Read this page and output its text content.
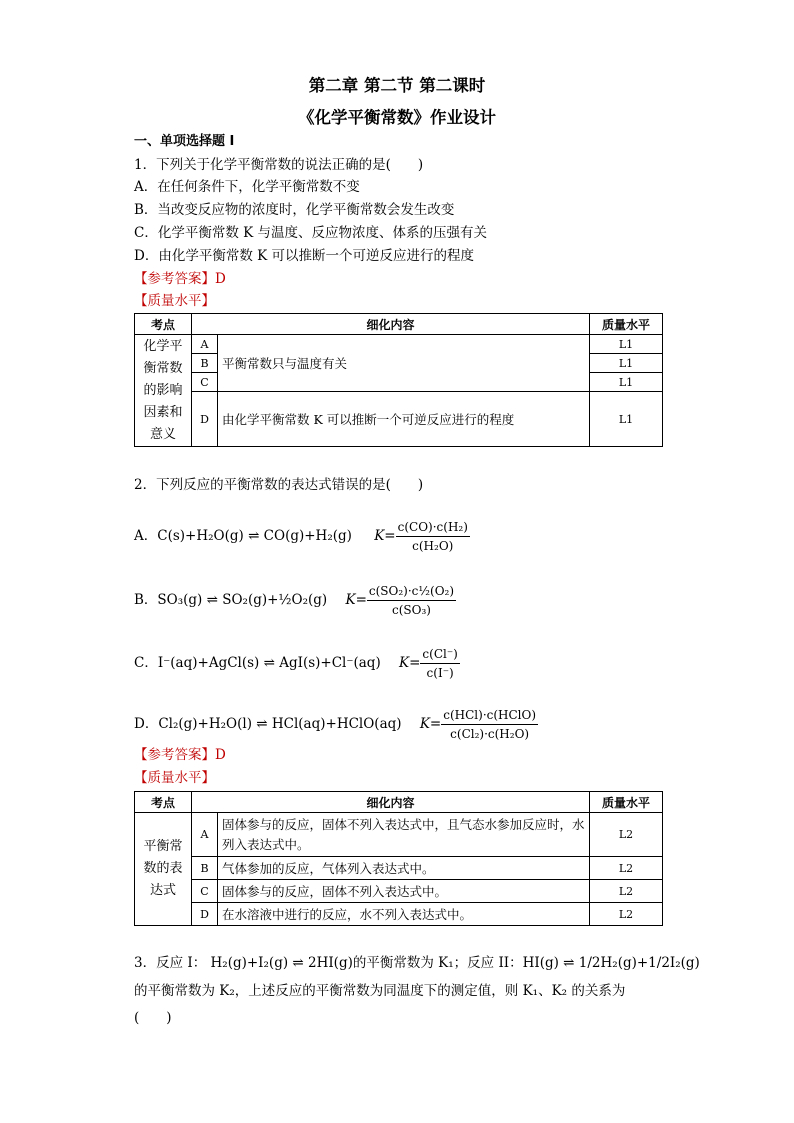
第二章 第二节 第二课时
《化学平衡常数》作业设计
一、单项选择题 I
1．下列关于化学平衡常数的说法正确的是(　　)
A．在任何条件下，化学平衡常数不变
B．当改变反应物的浓度时，化学平衡常数会发生改变
C．化学平衡常数 K 与温度、反应物浓度、体系的压强有关
D．由化学平衡常数 K 可以推断一个可逆反应进行的程度
【参考答案】D
【质量水平】
考点	细化内容		质量水平
化学平衡常数的影响因素和意义	A	平衡常数只与温度有关	L1
	B		L1
	C		L1
	D	由化学平衡常数 K 可以推断一个可逆反应进行的程度	L1
2．下列反应的平衡常数的表达式错误的是(　　)
A．C(s)+H₂O(g) ⇌ CO(g)+H₂(g) $K= \frac{\text{c(CO)·c(H₂)}}{\text{c(H₂O)}}$
B．SO₃(g) ⇌ SO₂(g)+½O₂(g) $K= \frac{\text{c(SO₂)·c½(O₂)}}{\text{c(SO₃)}}$
C．I⁻(aq)+AgCl(s) ⇌ AgI(s)+Cl⁻(aq) $K= \frac{c(Cl^-)}{c(I^-)}$
D．Cl₂(g)+H₂O(l) ⇌ HCl(aq)+HClO(aq) $K= \frac{\text{c(HCl)·c(HClO)}}{\text{c(Cl₂)·c(H₂O)}}$
【参考答案】D
【质量水平】
考点	细化内容		质量水平
平衡常数的表达式	A	固体参与的反应，固体不列入表达式中，且气态水参加反应时，水列入表达式中。	L2
	B	气体参加的反应，气体列入表达式中。	L2
	C	固体参与的反应，固体不列入表达式中。	L2
	D	在水溶液中进行的反应，水不列入表达式中。	L2
3．反应 I： H₂(g)+I₂(g) ⇌ 2HI(g)的平衡常数为 K₁；反应 II：HI(g) ⇌ 1/2H₂(g)+1/2I₂(g)
的平衡常数为 K₂，上述反应的平衡常数为同温度下的测定值，则 K₁、K₂ 的关系为
(　　)
